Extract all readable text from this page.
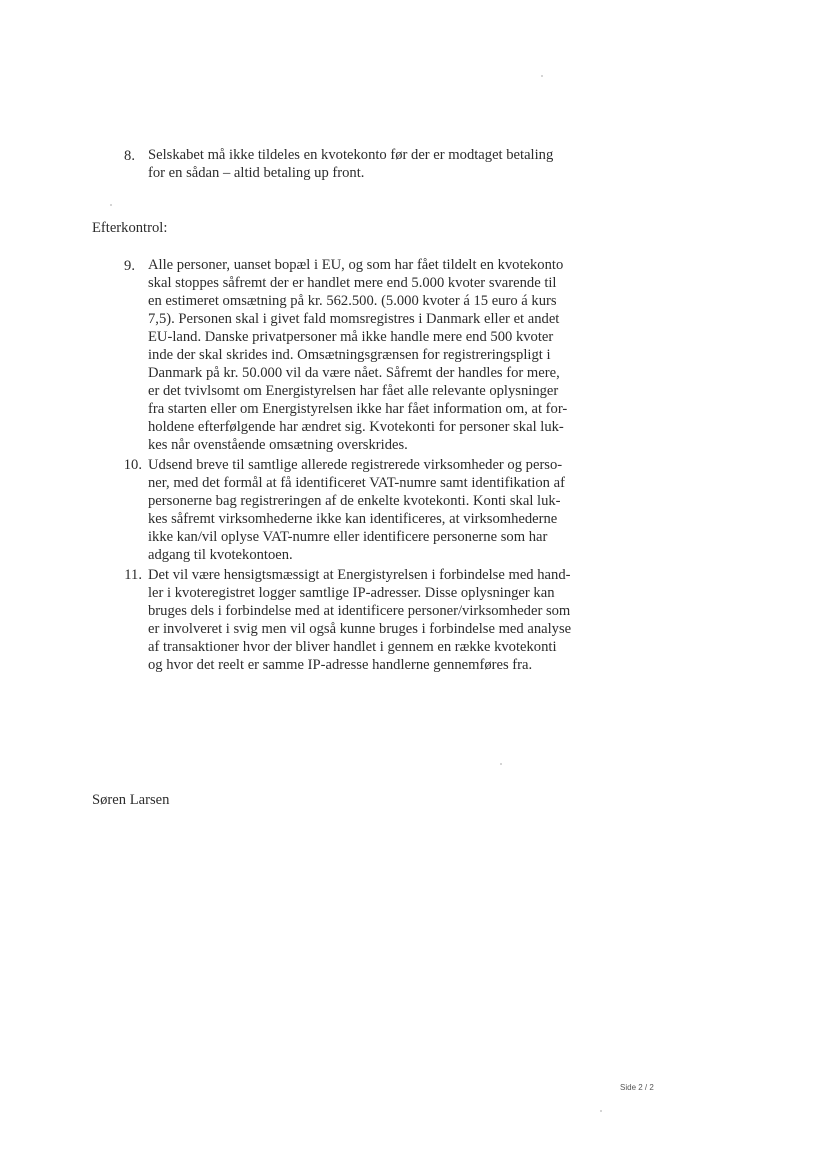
8. Selskabet må ikke tildeles en kvotekonto før der er modtaget betaling
for en sådan – altid betaling up front.
Efterkontrol:
9. Alle personer, uanset bopæl i EU, og som har fået tildelt en kvotekonto
skal stoppes såfremt der er handlet mere end 5.000 kvoter svarende til
en estimeret omsætning på kr. 562.500. (5.000 kvoter á 15 euro á kurs
7,5). Personen skal i givet fald momsregistres i Danmark eller et andet
EU-land. Danske privatpersoner må ikke handle mere end 500 kvoter
inde der skal skrides ind. Omsætningsgrænsen for registreringspligt i
Danmark på kr. 50.000 vil da være nået. Såfremt der handles for mere,
er det tvivlsomt om Energistyrelsen har fået alle relevante oplysninger
fra starten eller om Energistyrelsen ikke har fået information om, at for-
holdene efterfølgende har ændret sig. Kvotekonti for personer skal luk-
kes når ovenstående omsætning overskrides.
10. Udsend breve til samtlige allerede registrerede virksomheder og perso-
ner, med det formål at få identificeret VAT-numre samt identifikation af
personerne bag registreringen af de enkelte kvotekonti. Konti skal luk-
kes såfremt virksomhederne ikke kan identificeres, at virksomhederne
ikke kan/vil oplyse VAT-numre eller identificere personerne som har
adgang til kvotekontoen.
11. Det vil være hensigtsmæssigt at Energistyrelsen i forbindelse med hand-
ler i kvoteregistret logger samtlige IP-adresser. Disse oplysninger kan
bruges dels i forbindelse med at identificere personer/virksomheder som
er involveret i svig men vil også kunne bruges i forbindelse med analyse
af transaktioner hvor der bliver handlet i gennem en række kvotekonti
og hvor det reelt er samme IP-adresse handlerne gennemføres fra.
Søren Larsen
Side 2 / 2
